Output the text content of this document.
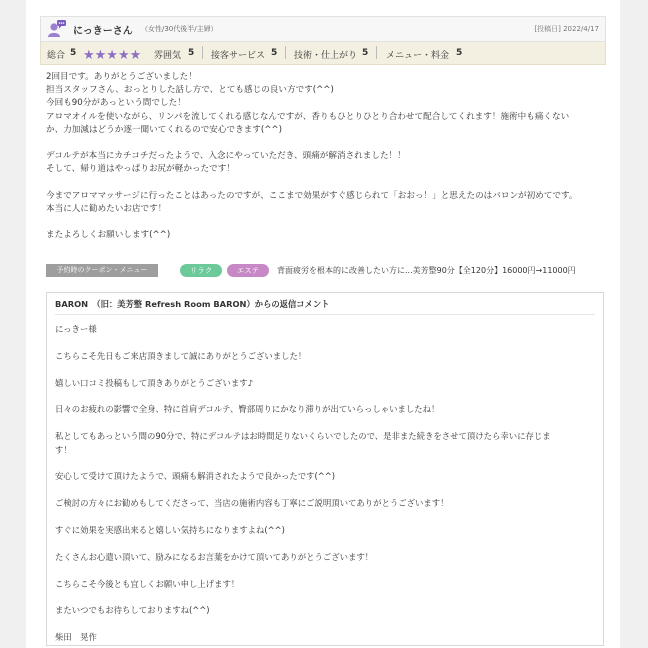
にっきーさん （女性/30代後半/主婦）	[投稿日] 2022/4/17
総合 5 ★★★★★ 雰囲気 5 接客サービス 5 技術・仕上がり 5 メニュー・料金 5

2回目です。ありがとうございました！

担当スタッフさん、おっとりした話し方で、とても感じの良い方です(^^)

今回も90分があっという間でした！

アロマオイルを使いながら、リンパを流してくれる感じなんですが、香りもひとりひとり合わせて配合してくれます！施術中も痛くない

か、力加減はどうか逐一聞いてくれるので安心できます(^^)

デコルテが本当にカチコチだったようで、入念にやっていただき、頭痛が解消されました！！

そして、帰り道はやっぱりお尻が軽かったです！

今までアロママッサージに行ったことはあったのですが、ここまで効果がすぐ感じられて「おおっ！」と思えたのはバロンが初めてです。

本当に人に勧めたいお店です！

またよろしくお願いします(^^)

予約時のクーポン・メニュー	リラク	エステ	背面疲労を根本的に改善したい方に...美芳整90分【全120分】16000円→11000円
BARON　（旧：美芳整 Refresh Room BARON）からの返信コメント

にっきー様

こちらこそ先日もご来店頂きまして誠にありがとうございました！

嬉しい口コミ投稿もして頂きありがとうございます♪

日々のお疲れの影響で全身、特に首肩デコルテ、臀部周りにかなり滞りが出ていらっしゃいましたね！

私としてもあっという間の90分で、特にデコルテはお時間足りないくらいでしたので、是非また続きをさせて頂けたら幸いに存じま

す！

安心して受けて頂けたようで、頭痛も解消されたようで良かったです(^^)

ご検討の方々にお勧めもしてくださって、当店の施術内容も丁寧にご説明頂いてありがとうございます！

すぐに効果を実感出来ると嬉しい気持ちになりますよね(^^)

たくさんお心遣い頂いて、励みになるお言葉をかけて頂いてありがとうございます！

こちらこそ今後とも宜しくお願い申し上げます！

またいつでもお待ちしておりますね(^^)

柴田　晃作
